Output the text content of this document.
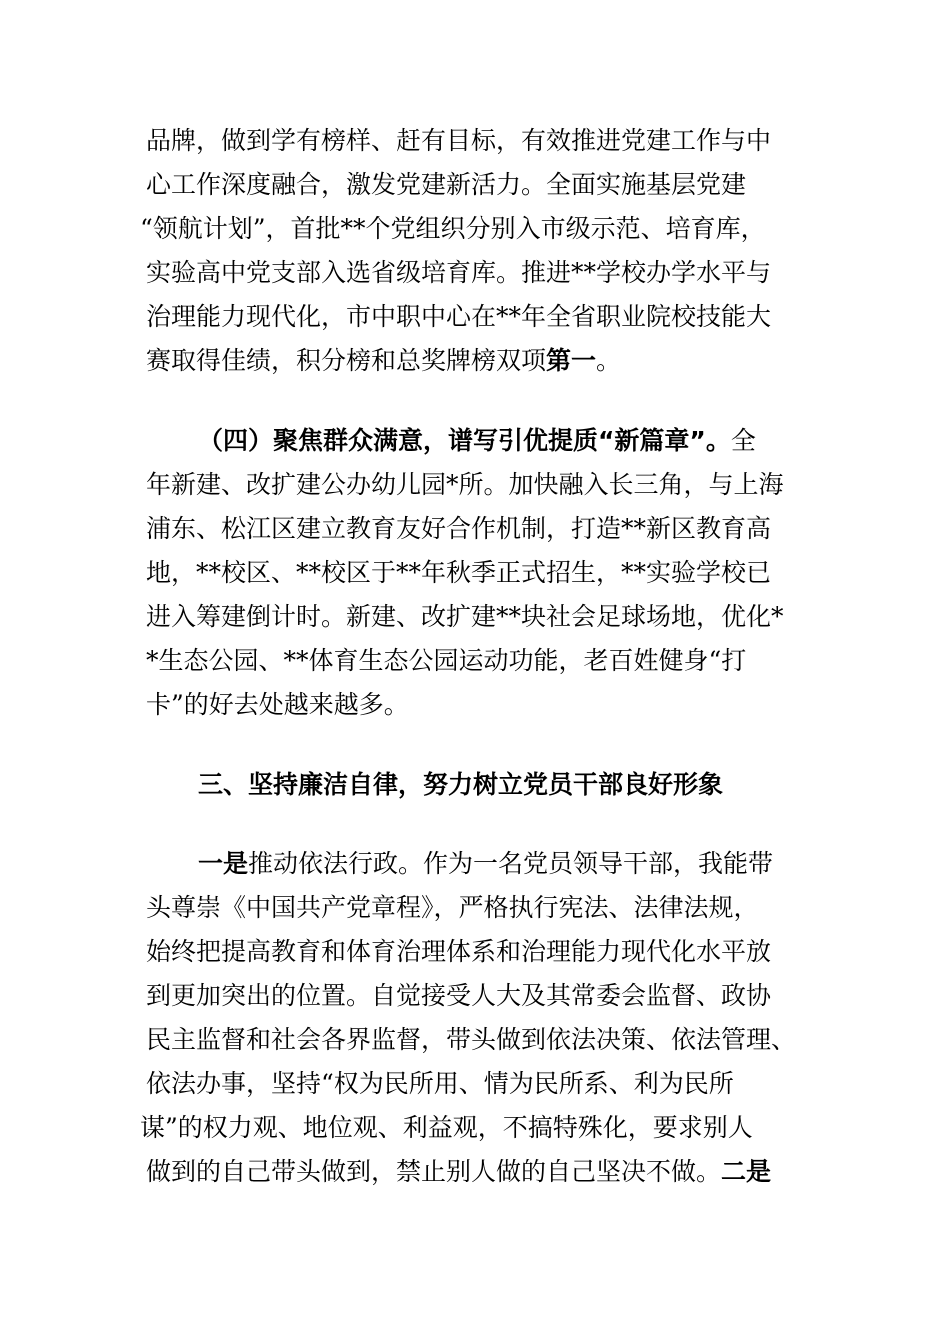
品牌，做到学有榜样、赶有目标，有效推进党建工作与中
心工作深度融合，激发党建新活力。全面实施基层党建
“领航计划”，首批**个党组织分别入市级示范、培育库，
实验高中党支部入选省级培育库。推进**学校办学水平与
治理能力现代化，市中职中心在**年全省职业院校技能大
赛取得佳绩，积分榜和总奖牌榜双项第一。
（四）聚焦群众满意，谱写引优提质“新篇章”。全
年新建、改扩建公办幼儿园*所。加快融入长三角，与上海
浦东、松江区建立教育友好合作机制，打造**新区教育高
地，**校区、**校区于**年秋季正式招生，**实验学校已
进入筹建倒计时。新建、改扩建**块社会足球场地，优化*
*生态公园、**体育生态公园运动功能，老百姓健身“打
卡”的好去处越来越多。
三、坚持廉洁自律，努力树立党员干部良好形象
一是推动依法行政。作为一名党员领导干部，我能带
头尊崇《中国共产党章程》，严格执行宪法、法律法规，
始终把提高教育和体育治理体系和治理能力现代化水平放
到更加突出的位置。自觉接受人大及其常委会监督、政协
民主监督和社会各界监督，带头做到依法决策、依法管理、
依法办事，坚持“权为民所用、情为民所系、利为民所
谋”的权力观、地位观、利益观，不搞特殊化，要求别人
做到的自己带头做到，禁止别人做的自己坚决不做。二是
